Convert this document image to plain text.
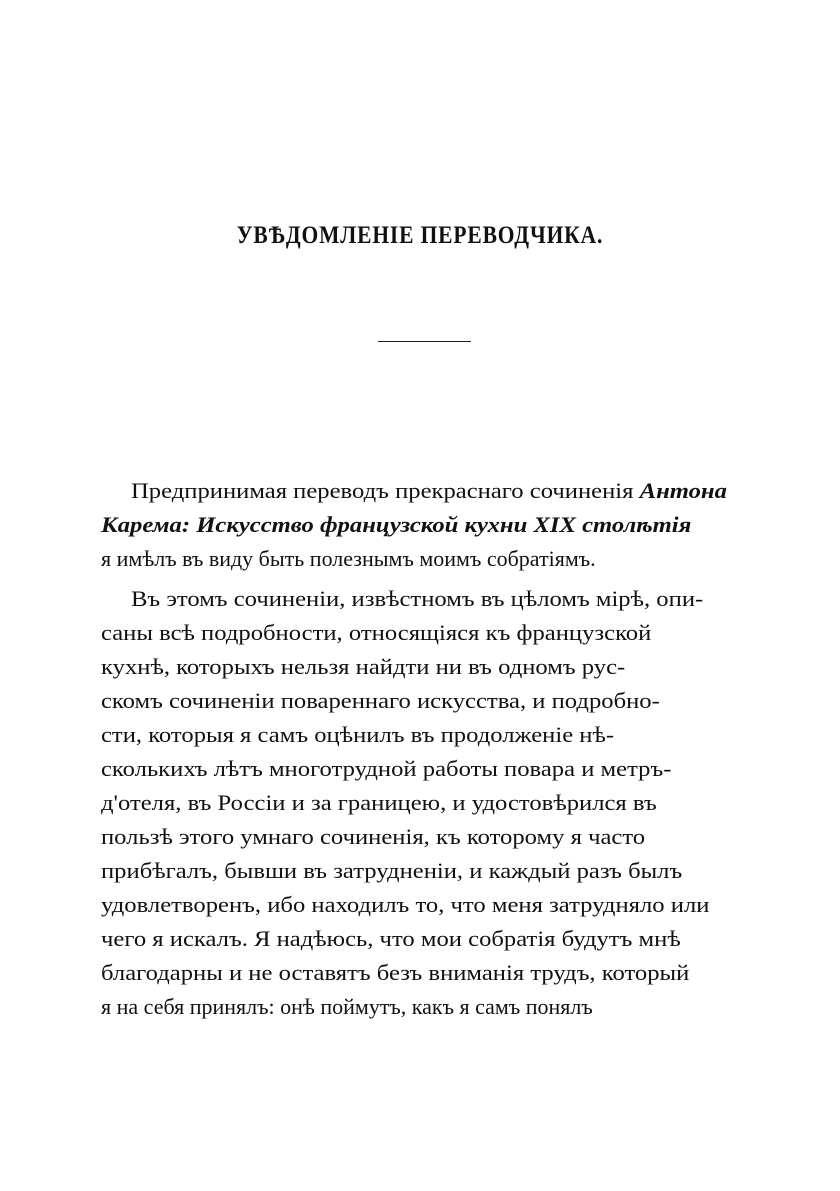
УВѢДОМЛЕНІЕ ПЕРЕВОДЧИКА.
Предпринимая переводъ прекраснаго сочиненія Антона
Карема: Искусство французской кухни XIX столѣтія
я имѣлъ въ виду быть полезнымъ моимъ собратіямъ.
Въ этомъ сочиненіи, извѣстномъ въ цѣломъ мірѣ, опи-
саны всѣ подробности, относящіяся къ французской
кухнѣ, которыхъ нельзя найдти ни въ одномъ рус-
скомъ сочиненіи повареннаго искусства, и подробно-
сти, которыя я самъ оцѣнилъ въ продолженіе нѣ-
сколькихъ лѣтъ многотрудной работы повара и метръ-
д'отеля, въ Россіи и за границею, и удостовѣрился въ
пользѣ этого умнаго сочиненія, къ которому я часто
прибѣгалъ, бывши въ затрудненіи, и каждый разъ былъ
удовлетворенъ, ибо находилъ то, что меня затрудняло или
чего я искалъ. Я надѣюсь, что мои собратія будутъ мнѣ
благодарны и не оставятъ безъ вниманія трудъ, который
я на себя принялъ: онѣ поймутъ, какъ я самъ понялъ
